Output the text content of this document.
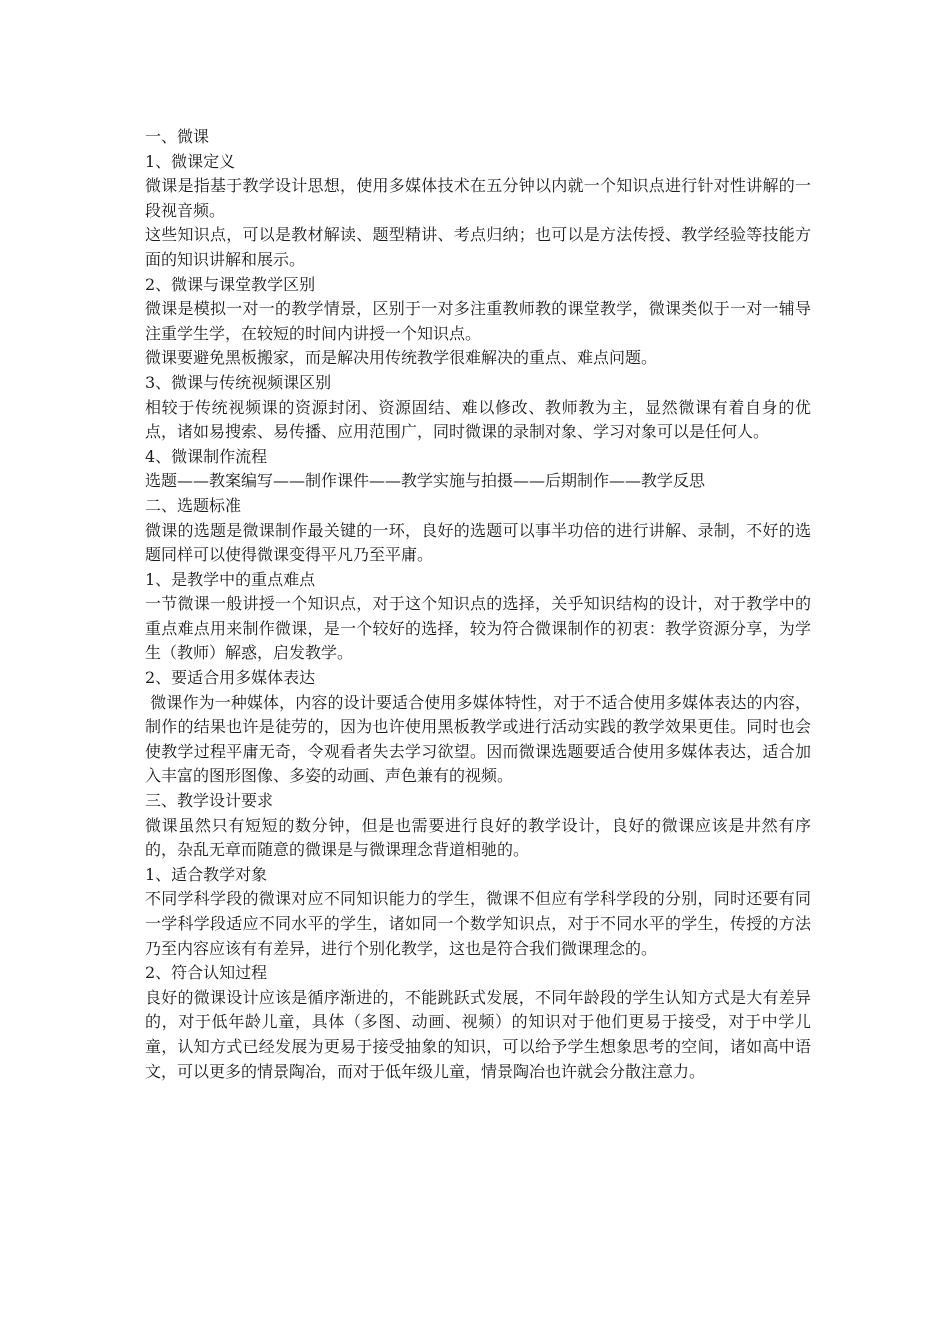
一、微课

1、微课定义

微课是指基于教学设计思想，使用多媒体技术在五分钟以内就一个知识点进行针对性讲解的一段视音频。

这些知识点，可以是教材解读、题型精讲、考点归纳；也可以是方法传授、教学经验等技能方面的知识讲解和展示。

2、微课与课堂教学区别

微课是模拟一对一的教学情景，区别于一对多注重教师教的课堂教学，微课类似于一对一辅导注重学生学，在较短的时间内讲授一个知识点。

微课要避免黑板搬家，而是解决用传统教学很难解决的重点、难点问题。

3、微课与传统视频课区别

相较于传统视频课的资源封闭、资源固结、难以修改、教师教为主，显然微课有着自身的优点，诸如易搜索、易传播、应用范围广，同时微课的录制对象、学习对象可以是任何人。

4、微课制作流程

选题——教案编写——制作课件——教学实施与拍摄——后期制作——教学反思

二、选题标准

微课的选题是微课制作最关键的一环，良好的选题可以事半功倍的进行讲解、录制，不好的选题同样可以使得微课变得平凡乃至平庸。

1、是教学中的重点难点

一节微课一般讲授一个知识点，对于这个知识点的选择，关乎知识结构的设计，对于教学中的重点难点用来制作微课，是一个较好的选择，较为符合微课制作的初衷：教学资源分享，为学生（教师）解惑，启发教学。

2、要适合用多媒体表达

微课作为一种媒体，内容的设计要适合使用多媒体特性，对于不适合使用多媒体表达的内容，制作的结果也许是徒劳的，因为也许使用黑板教学或进行活动实践的教学效果更佳。同时也会使教学过程平庸无奇，令观看者失去学习欲望。因而微课选题要适合使用多媒体表达，适合加入丰富的图形图像、多姿的动画、声色兼有的视频。

三、教学设计要求

微课虽然只有短短的数分钟，但是也需要进行良好的教学设计，良好的微课应该是井然有序的，杂乱无章而随意的微课是与微课理念背道相驰的。

1、适合教学对象

不同学科学段的微课对应不同知识能力的学生，微课不但应有学科学段的分别，同时还要有同一学科学段适应不同水平的学生，诸如同一个数学知识点，对于不同水平的学生，传授的方法乃至内容应该有有差异，进行个别化教学，这也是符合我们微课理念的。

2、符合认知过程

良好的微课设计应该是循序渐进的，不能跳跃式发展，不同年龄段的学生认知方式是大有差异的，对于低年龄儿童，具体（多图、动画、视频）的知识对于他们更易于接受，对于中学儿童，认知方式已经发展为更易于接受抽象的知识，可以给予学生想象思考的空间，诸如高中语文，可以更多的情景陶冶，而对于低年级儿童，情景陶冶也许就会分散注意力。
